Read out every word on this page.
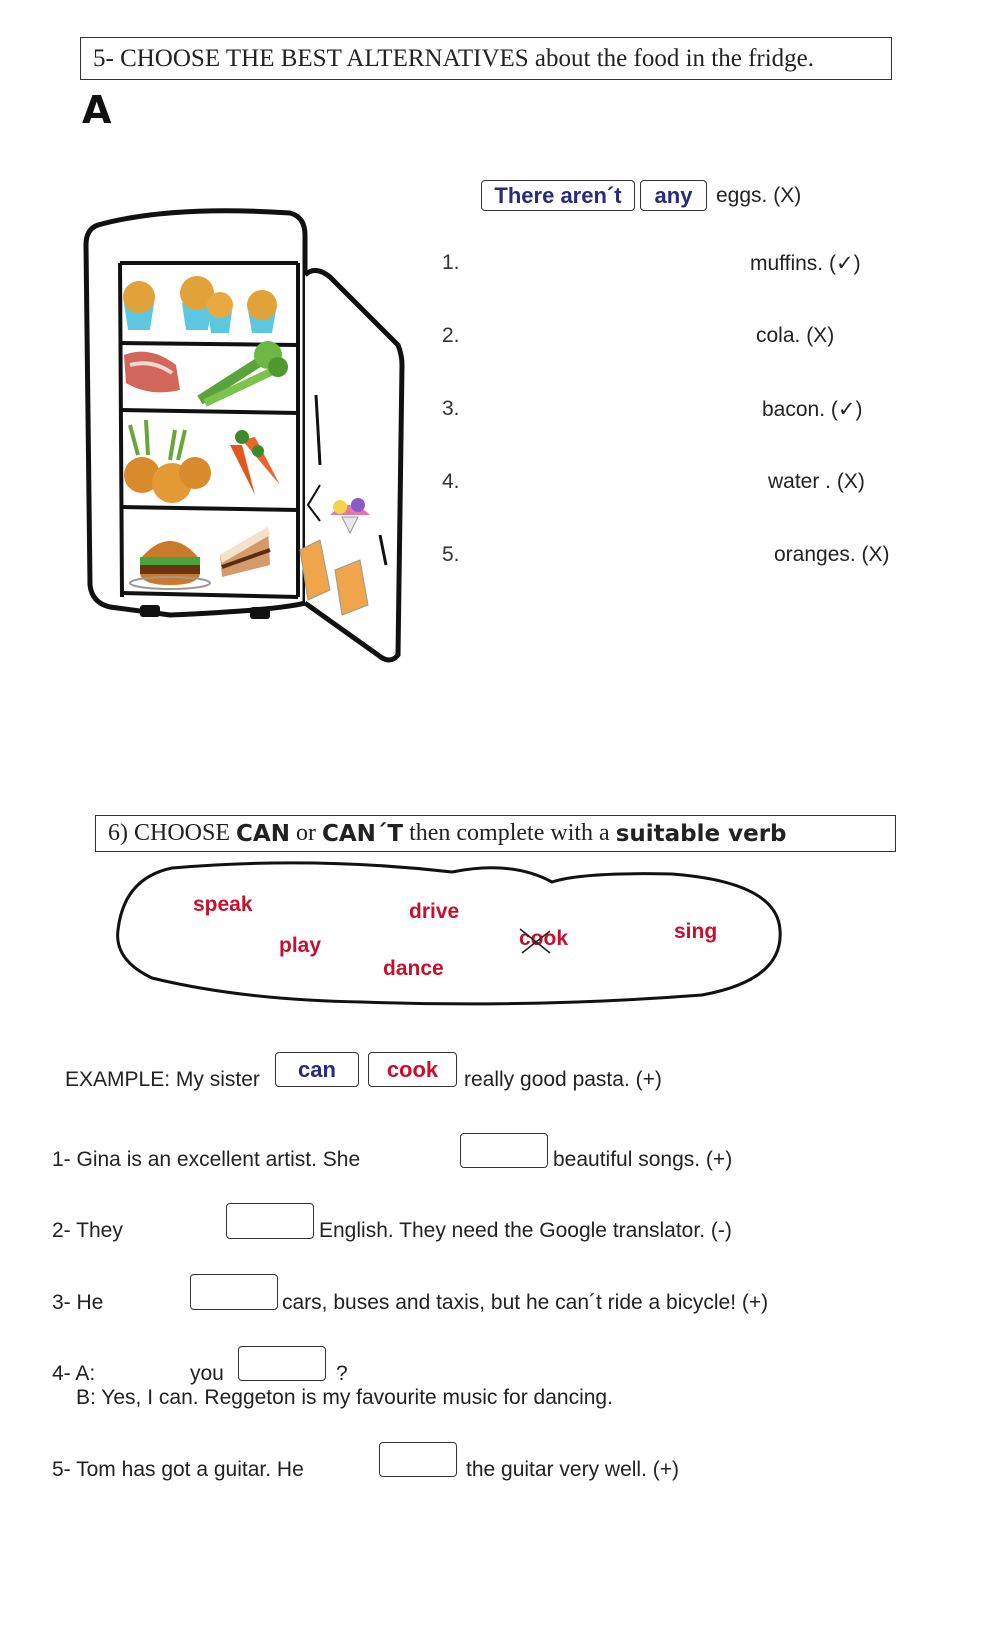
5- CHOOSE THE BEST ALTERNATIVES about the food in the fridge.
A
There aren´t	any	eggs. (X)
1.	muffins. (✓)
2.	cola. (X)
3.	bacon. (✓)
4.	water . (X)
5.	oranges. (X)
6) CHOOSE
CAN
or
CAN´T
then complete with a
suitable verb
speak	drive
play	cook	sing
dance
EXAMPLE: My sister	can	cook	really good pasta. (+)
1- Gina is an excellent artist. She	beautiful songs. (+)
2- They	English. They need the Google translator. (-)
3- He	cars, buses and taxis, but he can´t ride a bicycle! (+)
4- A:	you	?
B: Yes, I can. Reggeton is my favourite music for dancing.
5- Tom has got a guitar. He	the guitar very well. (+)
